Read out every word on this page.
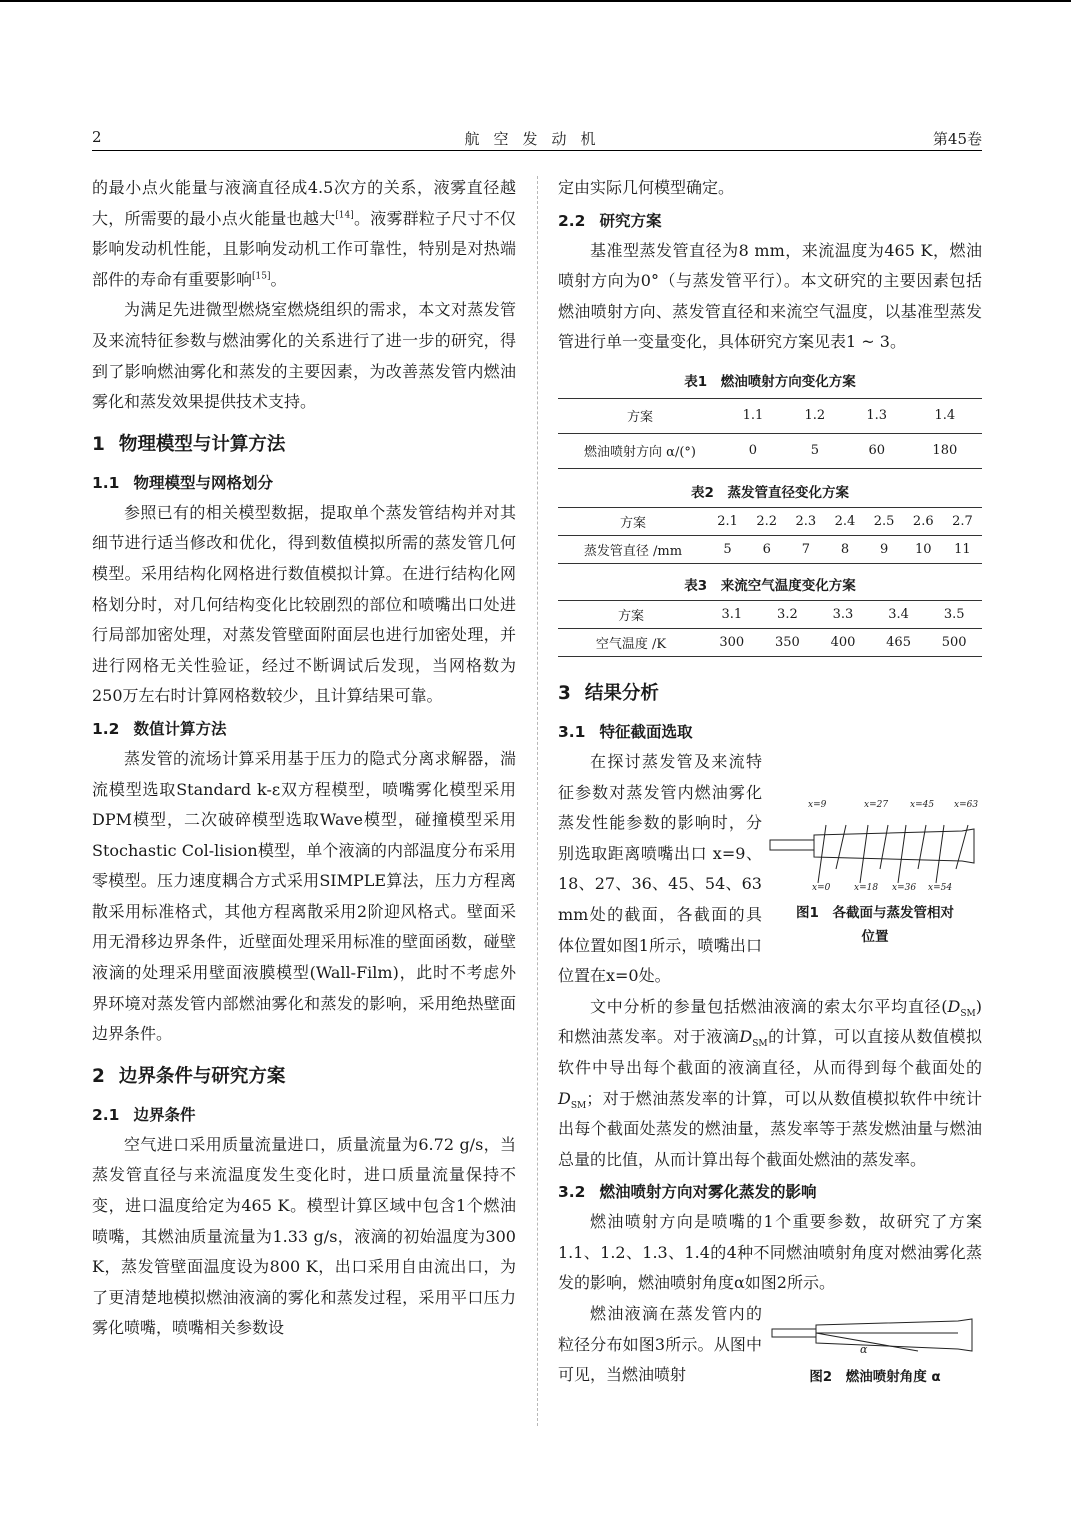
2	航空发动机	第45卷

的最小点火能量与液滴直径成4.5次方的关系，液雾直径越大，所需要的最小点火能量也越大[14]。液雾群粒子尺寸不仅影响发动机性能，且影响发动机工作可靠性，特别是对热端部件的寿命有重要影响[15]。

为满足先进微型燃烧室燃烧组织的需求，本文对蒸发管及来流特征参数与燃油雾化的关系进行了进一步的研究，得到了影响燃油雾化和蒸发的主要因素，为改善蒸发管内燃油雾化和蒸发效果提供技术支持。

1 物理模型与计算方法
1.1 物理模型与网格划分

参照已有的相关模型数据，提取单个蒸发管结构并对其细节进行适当修改和优化，得到数值模拟所需的蒸发管几何模型。采用结构化网格进行数值模拟计算。在进行结构化网格划分时，对几何结构变化比较剧烈的部位和喷嘴出口处进行局部加密处理，对蒸发管壁面附面层也进行加密处理，并进行网格无关性验证，经过不断调试后发现，当网格数为250万左右时计算网格数较少，且计算结果可靠。

1.2 数值计算方法

蒸发管的流场计算采用基于压力的隐式分离求解器，湍流模型选取Standard k-ε双方程模型，喷嘴雾化模型采用DPM模型，二次破碎模型选取Wave模型，碰撞模型采用Stochastic Col-lision模型，单个液滴的内部温度分布采用零模型。压力速度耦合方式采用SIMPLE算法，压力方程离散采用标准格式，其他方程离散采用2阶迎风格式。壁面采用无滑移边界条件，近壁面处理采用标准的壁面函数，碰壁液滴的处理采用壁面液膜模型(Wall-Film)，此时不考虑外界环境对蒸发管内部燃油雾化和蒸发的影响，采用绝热壁面边界条件。

2 边界条件与研究方案
2.1 边界条件

空气进口采用质量流量进口，质量流量为6.72 g/s，当蒸发管直径与来流温度发生变化时，进口质量流量保持不变，进口温度给定为465 K。模型计算区域中包含1个燃油喷嘴，其燃油质量流量为1.33 g/s，液滴的初始温度为300 K，蒸发管壁面温度设为800 K，出口采用自由流出口，为了更清楚地模拟燃油液滴的雾化和蒸发过程，采用平口压力雾化喷嘴，喷嘴相关参数设

定由实际几何模型确定。

2.2 研究方案

基准型蒸发管直径为8 mm，来流温度为465 K，燃油喷射方向为0°（与蒸发管平行）。本文研究的主要因素包括燃油喷射方向、蒸发管直径和来流空气温度，以基准型蒸发管进行单一变量变化，具体研究方案见表1 ~ 3。

表1　燃油喷射方向变化方案
方案	1.1	1.2	1.3	1.4
燃油喷射方向 α/(°)	0	5	60	180
表2　蒸发管直径变化方案
方案	2.1	2.2	2.3	2.4	2.5	2.6	2.7
蒸发管直径 /mm	5	6	7	8	9	10	11
表3　来流空气温度变化方案
方案	3.1	3.2	3.3	3.4	3.5
空气温度 /K	300	350	400	465	500
3 结果分析
3.1 特征截面选取
x=9	x=27 x=45 x=63
x=0	x=18 x=36 x=54
图1　各截面与蒸发管相对
位置

在探讨蒸发管及来流特征参数对蒸发管内燃油雾化蒸发性能参数的影响时，分别选取距离喷嘴出口 x=9、18、27、36、45、54、63 mm处的截面，各截面的具体位置如图1所示，喷嘴出口位置在x=0处。

文中分析的参量包括燃油液滴的索太尔平均直径$(D_{SM})$和燃油蒸发率。对于液滴$D_{SM}$的计算，可以直接从数值模拟软件中导出每个截面的液滴直径，从而得到每个截面处的$D_{SM}$；对于燃油蒸发率的计算，可以从数值模拟软件中统计出每个截面处蒸发的燃油量，蒸发率等于蒸发燃油量与燃油总量的比值，从而计算出每个截面处燃油的蒸发率。

3.2 燃油喷射方向对雾化蒸发的影响

燃油喷射方向是喷嘴的1个重要参数，故研究了方案1.1、1.2、1.3、1.4的4种不同燃油喷射角度对燃油雾化蒸发的影响，燃油喷射角度α如图2所示。

α
图2　燃油喷射角度 α

燃油液滴在蒸发管内的粒径分布如图3所示。从图中可见，当燃油喷射
